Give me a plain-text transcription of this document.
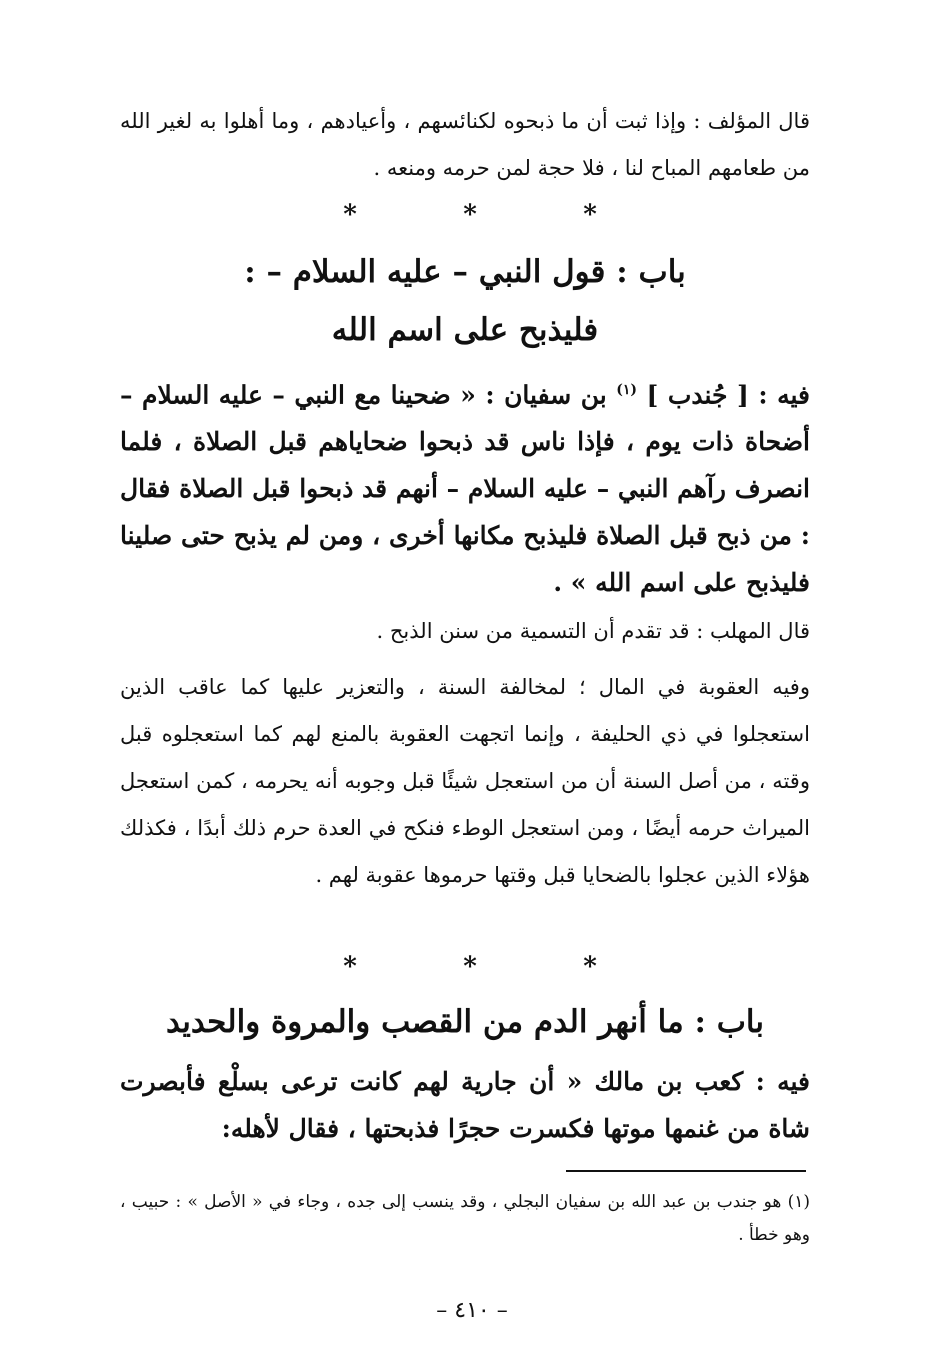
قال المؤلف : وإذا ثبت أن ما ذبحوه لكنائسهم ، وأعيادهم ، وما أهلوا به لغير الله من طعامهم المباح لنا ، فلا حجة لمن حرمه ومنعه .
*	*	*
باب : قول النبي – عليه السلام – :
فليذبح على اسم الله
فيه : [ جُندب ] $^{(١)}$ بن سفيان : « ضحينا مع النبي – عليه السلام – أضحاة ذات يوم ، فإذا ناس قد ذبحوا ضحاياهم قبل الصلاة ، فلما انصرف رآهم النبي – عليه السلام – أنهم قد ذبحوا قبل الصلاة فقال : من ذبح قبل الصلاة فليذبح مكانها أخرى ، ومن لم يذبح حتى صلينا فليذبح على اسم الله » .
قال المهلب : قد تقدم أن التسمية من سنن الذبح .
وفيه العقوبة في المال ؛ لمخالفة السنة ، والتعزير عليها كما عاقب الذين استعجلوا في ذي الحليفة ، وإنما اتجهت العقوبة بالمنع لهم كما استعجلوه قبل وقته ، من أصل السنة أن من استعجل شيئًا قبل وجوبه أنه يحرمه ، كمن استعجل الميراث حرمه أيضًا ، ومن استعجل الوطء فنكح في العدة حرم ذلك أبدًا ، فكذلك هؤلاء الذين عجلوا بالضحايا قبل وقتها حرموها عقوبة لهم .
*	*	*
باب : ما أنهر الدم من القصب والمروة والحديد
فيه : كعب بن مالك « أن جارية لهم كانت ترعى بسلْع فأبصرت شاة من غنمها موتها فكسرت حجرًا فذبحتها ، فقال لأهله:
(١) هو جندب بن عبد الله بن سفيان البجلي ، وقد ينسب إلى جده ، وجاء في « الأصل » : حبيب ، وهو خطأ .
– ٤١٠ –
